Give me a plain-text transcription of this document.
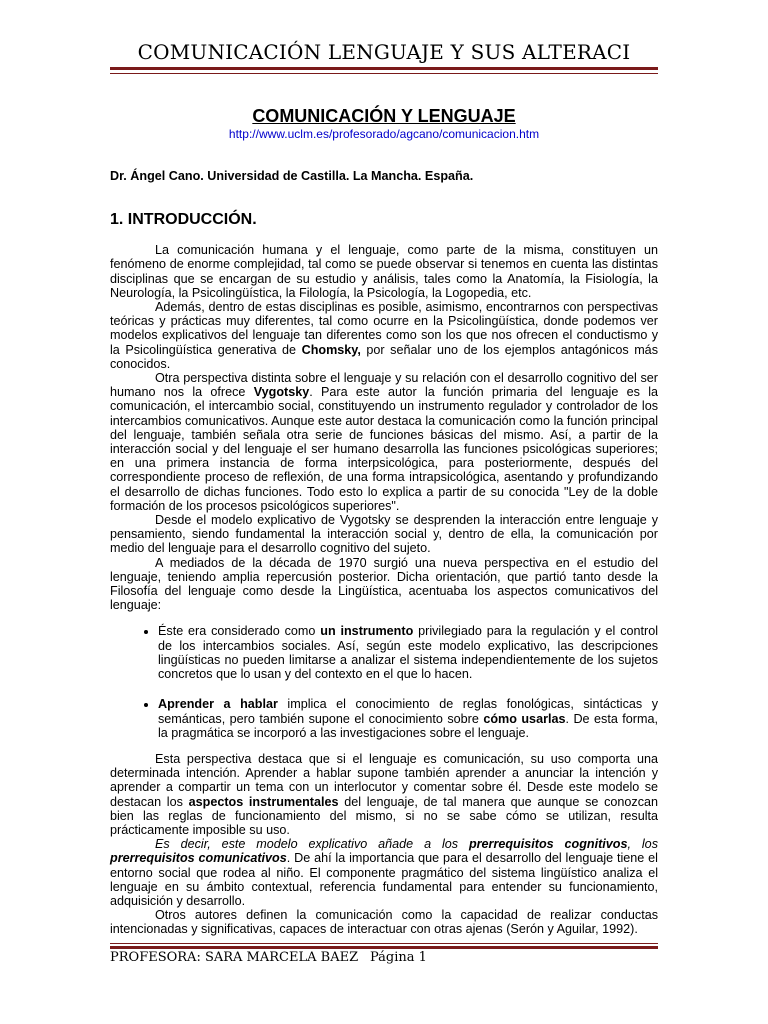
COMUNICACIÓN LENGUAJE Y SUS ALTERACI
COMUNICACIÓN Y LENGUAJE
http://www.uclm.es/profesorado/agcano/comunicacion.htm
Dr. Ángel Cano. Universidad de Castilla. La Mancha. España.
1. INTRODUCCIÓN.

La comunicación humana y el lenguaje, como parte de la misma, constituyen un fenómeno de enorme complejidad, tal como se puede observar si tenemos en cuenta las distintas disciplinas que se encargan de su estudio y análisis, tales como la Anatomía, la Fisiología, la Neurología, la Psicolingüística, la Filología, la Psicología, la Logopedia, etc.

Además, dentro de estas disciplinas es posible, asimismo, encontrarnos con perspectivas teóricas y prácticas muy diferentes, tal como ocurre en la Psicolingüística, donde podemos ver modelos explicativos del lenguaje tan diferentes como son los que nos ofrecen el conductismo y la Psicolingüística generativa de Chomsky, por señalar uno de los ejemplos antagónicos más conocidos.

Otra perspectiva distinta sobre el lenguaje y su relación con el desarrollo cognitivo del ser humano nos la ofrece Vygotsky. Para este autor la función primaria del lenguaje es la comunicación, el intercambio social, constituyendo un instrumento regulador y controlador de los intercambios comunicativos. Aunque este autor destaca la comunicación como la función principal del lenguaje, también señala otra serie de funciones básicas del mismo. Así, a partir de la interacción social y del lenguaje el ser humano desarrolla las funciones psicológicas superiores; en una primera instancia de forma interpsicológica, para posteriormente, después del correspondiente proceso de reflexión, de una forma intrapsicológica, asentando y profundizando el desarrollo de dichas funciones. Todo esto lo explica a partir de su conocida "Ley de la doble formación de los procesos psicológicos superiores".

Desde el modelo explicativo de Vygotsky se desprenden la interacción entre lenguaje y pensamiento, siendo fundamental la interacción social y, dentro de ella, la comunicación por medio del lenguaje para el desarrollo cognitivo del sujeto.

A mediados de la década de 1970 surgió una nueva perspectiva en el estudio del lenguaje, teniendo amplia repercusión posterior. Dicha orientación, que partió tanto desde la Filosofía del lenguaje como desde la Lingüística, acentuaba los aspectos comunicativos del lenguaje:

• Éste era considerado como un instrumento privilegiado para la regulación y el control de los intercambios sociales. Así, según este modelo explicativo, las descripciones lingüísticas no pueden limitarse a analizar el sistema independientemente de los sujetos concretos que lo usan y del contexto en el que lo hacen.
• Aprender a hablar implica el conocimiento de reglas fonológicas, sintácticas y semánticas, pero también supone el conocimiento sobre cómo usarlas. De esta forma, la pragmática se incorporó a las investigaciones sobre el lenguaje.

Esta perspectiva destaca que si el lenguaje es comunicación, su uso comporta una determinada intención. Aprender a hablar supone también aprender a anunciar la intención y aprender a compartir un tema con un interlocutor y comentar sobre él. Desde este modelo se destacan los aspectos instrumentales del lenguaje, de tal manera que aunque se conozcan bien las reglas de funcionamiento del mismo, si no se sabe cómo se utilizan, resulta prácticamente imposible su uso.

Es decir, este modelo explicativo añade a los prerrequisitos cognitivos, los prerrequisitos comunicativos. De ahí la importancia que para el desarrollo del lenguaje tiene el entorno social que rodea al niño. El componente pragmático del sistema lingüístico analiza el lenguaje en su ámbito contextual, referencia fundamental para entender su funcionamiento, adquisición y desarrollo.

Otros autores definen la comunicación como la capacidad de realizar conductas intencionadas y significativas, capaces de interactuar con otras ajenas (Serón y Aguilar, 1992).

PROFESORA: SARA MARCELA BAEZ Página 1
